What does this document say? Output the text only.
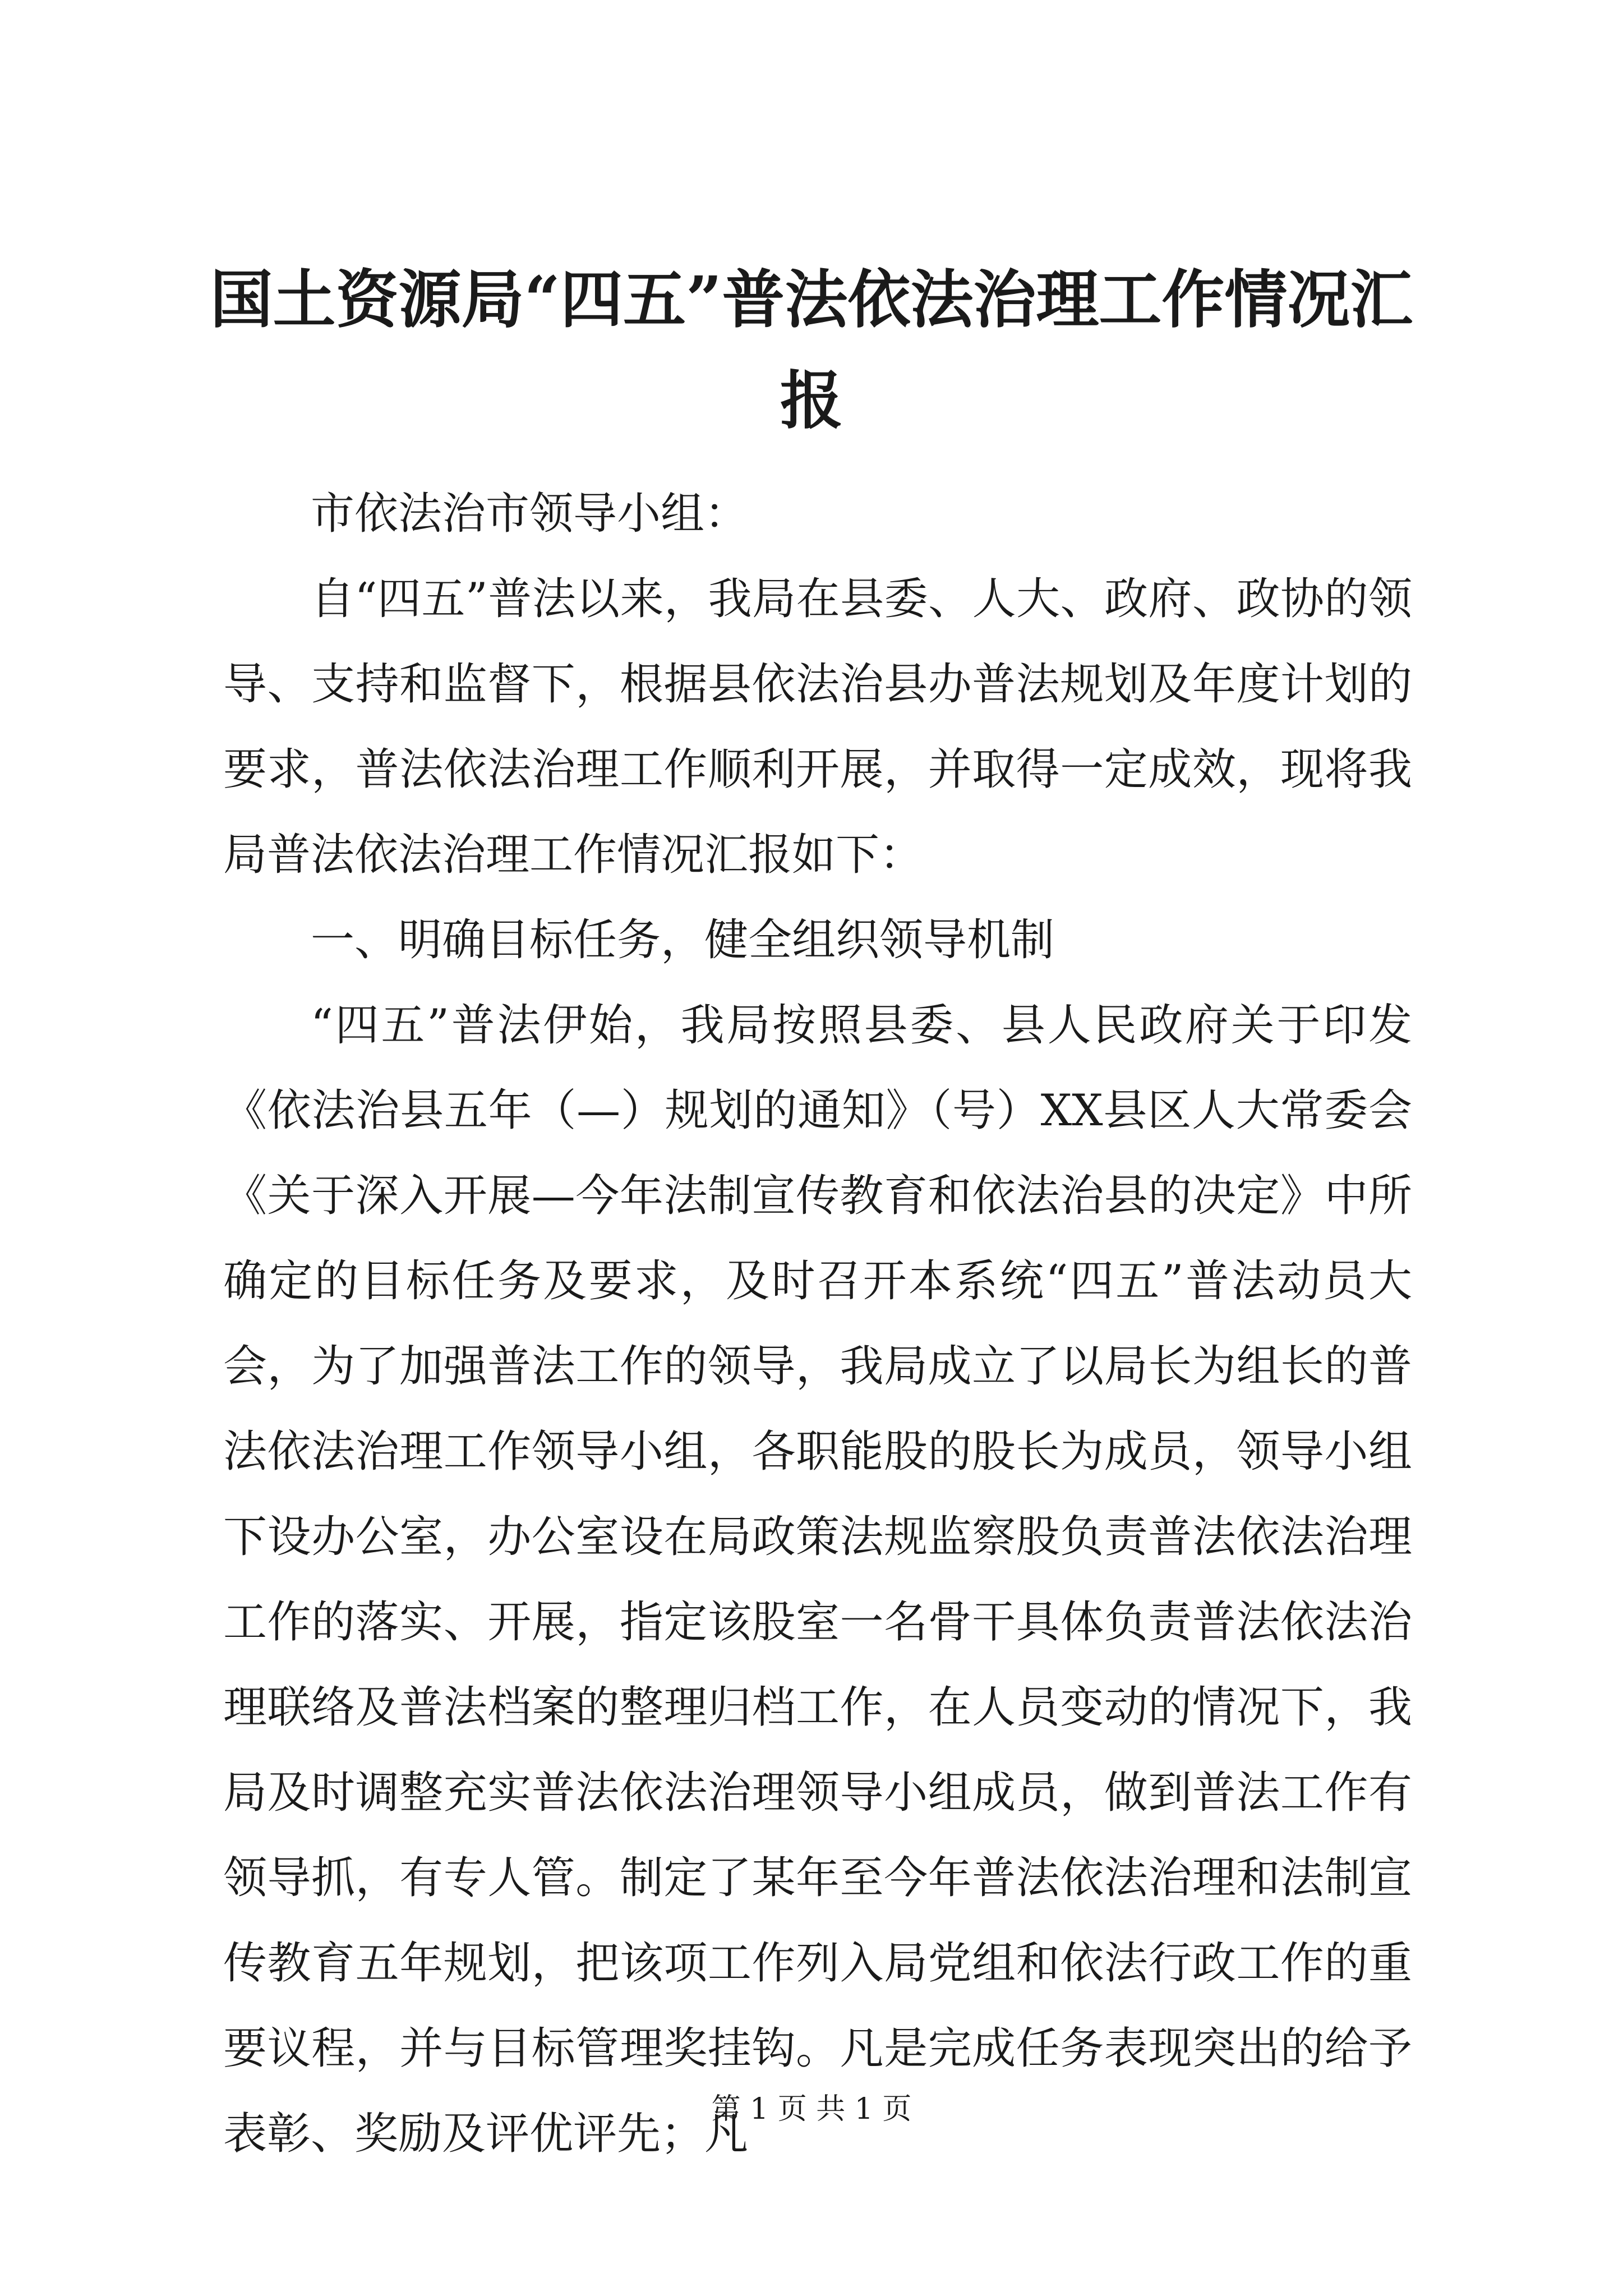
国土资源局“四五”普法依法治理工作情况汇报

市依法治市领导小组：

自“四五”普法以来，我局在县委、人大、政府、政协的领导、支持和监督下，根据县依法治县办普法规划及年度计划的要求，普法依法治理工作顺利开展，并取得一定成效，现将我局普法依法治理工作情况汇报如下：

一、明确目标任务，健全组织领导机制

“四五”普法伊始，我局按照县委、县人民政府关于印发《依法治县五年（—）规划的通知》（号）XX县区人大常委会《关于深入开展—今年法制宣传教育和依法治县的决定》中所确定的目标任务及要求，及时召开本系统“四五”普法动员大会，为了加强普法工作的领导，我局成立了以局长为组长的普法依法治理工作领导小组，各职能股的股长为成员，领导小组下设办公室，办公室设在局政策法规监察股负责普法依法治理工作的落实、开展，指定该股室一名骨干具体负责普法依法治理联络及普法档案的整理归档工作，在人员变动的情况下，我局及时调整充实普法依法治理领导小组成员，做到普法工作有领导抓，有专人管。制定了某年至今年普法依法治理和法制宣传教育五年规划，把该项工作列入局党组和依法行政工作的重要议程，并与目标管理奖挂钩。凡是完成任务表现突出的给予表彰、奖励及评优评先；凡

第 1 页 共 1 页
